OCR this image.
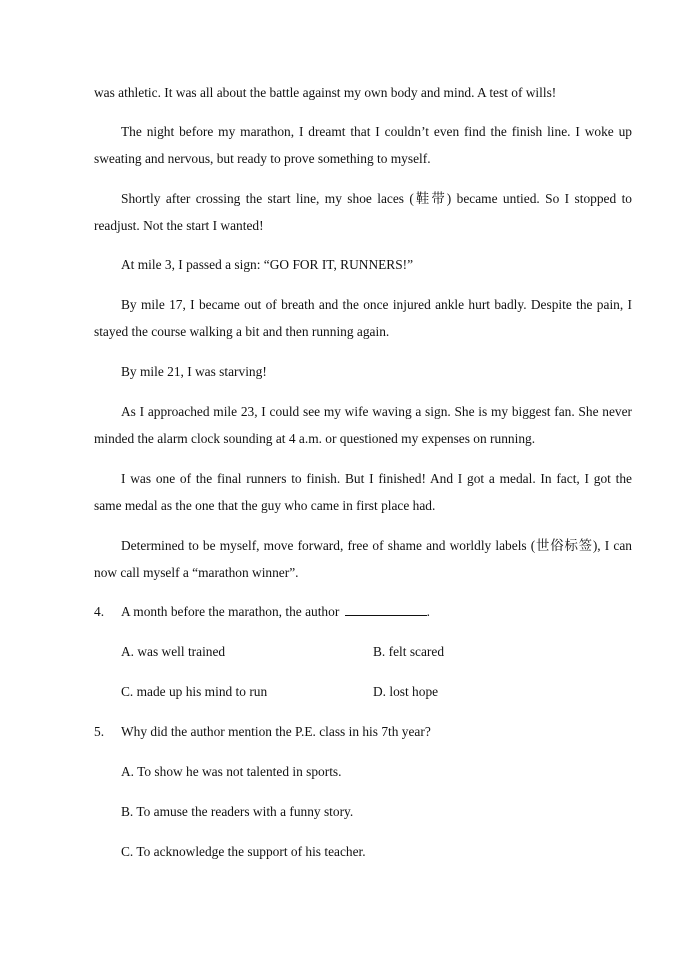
was athletic. It was all about the battle against my own body and mind. A test of wills!

The night before my marathon, I dreamt that I couldn’t even find the finish line. I woke up sweating and nervous, but ready to prove something to myself.

Shortly after crossing the start line, my shoe laces (鞋带) became untied. So I stopped to readjust. Not the start I wanted!

At mile 3, I passed a sign: “GO FOR IT, RUNNERS!”

By mile 17, I became out of breath and the once injured ankle hurt badly. Despite the pain, I stayed the course walking a bit and then running again.

By mile 21, I was starving!

As I approached mile 23, I could see my wife waving a sign. She is my biggest fan. She never minded the alarm clock sounding at 4 a.m. or questioned my expenses on running.

I was one of the final runners to finish. But I finished! And I got a medal. In fact, I got the same medal as the one that the guy who came in first place had.

Determined to be myself, move forward, free of shame and worldly labels (世俗标签), I can now call myself a “marathon winner”.

4. A month before the marathon, the author	.
A. was well trained	B. felt scared
C. made up his mind to run	D. lost hope
5. Why did the author mention the P.E. class in his 7th year?
A. To show he was not talented in sports.
B. To amuse the readers with a funny story.
C. To acknowledge the support of his teacher.
